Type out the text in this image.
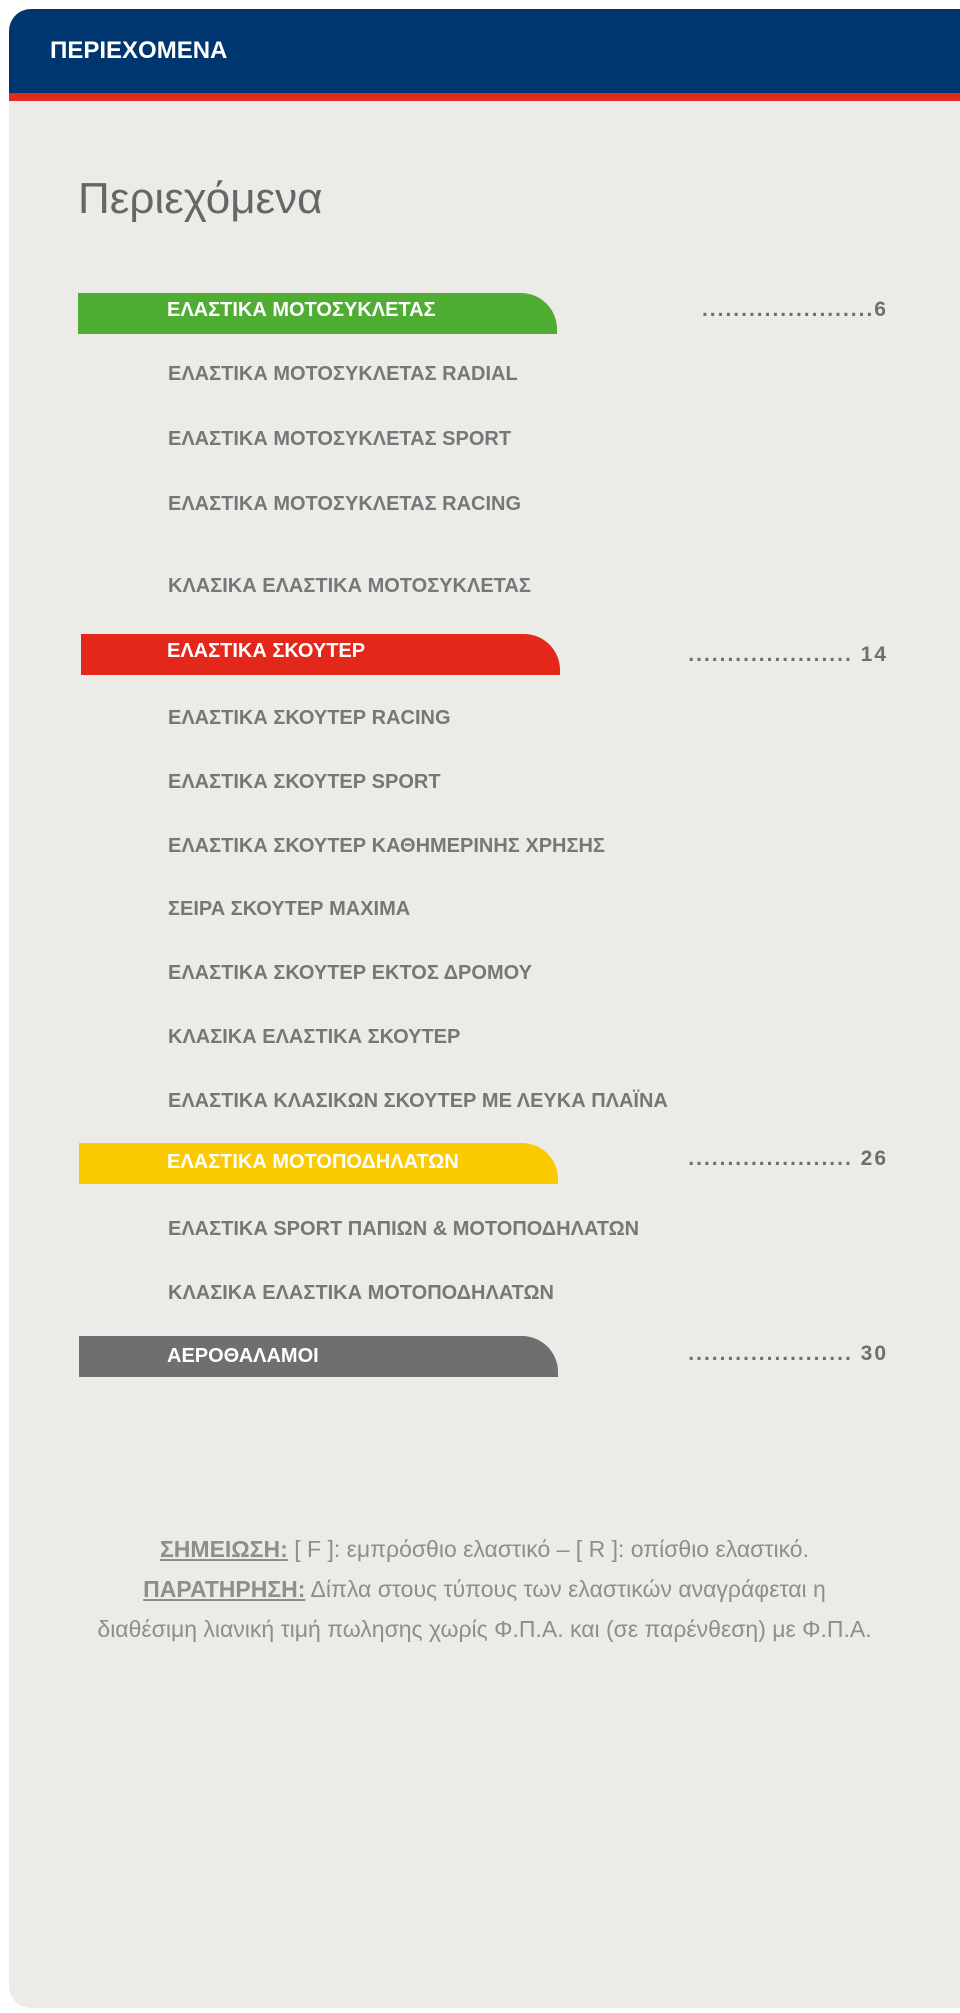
ΠΕΡΙΕΧΟΜΕΝΑ
Περιεχόμενα
ΕΛΑΣΤΙΚΑ ΜΟΤΟΣΥΚΛΕΤΑΣ	......................6
ΕΛΑΣΤΙΚΑ ΜΟΤΟΣΥΚΛΕΤΑΣ RADIAL
ΕΛΑΣΤΙΚΑ ΜΟΤΟΣΥΚΛΕΤΑΣ SPORT
ΕΛΑΣΤΙΚΑ ΜΟΤΟΣΥΚΛΕΤΑΣ RACING
ΚΛΑΣΙΚΑ ΕΛΑΣΤΙΚΑ ΜΟΤΟΣΥΚΛΕΤΑΣ
ΕΛΑΣΤΙΚΑ ΣΚΟΥΤΕΡ	..................... 14
ΕΛΑΣΤΙΚΑ ΣΚΟΥΤΕΡ RACING
ΕΛΑΣΤΙΚΑ ΣΚΟΥΤΕΡ SPORT
ΕΛΑΣΤΙΚΑ ΣΚΟΥΤΕΡ ΚΑΘΗΜΕΡΙΝΗΣ ΧΡΗΣΗΣ
ΣΕΙΡΑ ΣΚΟΥΤΕΡ ΜΑΧΙΜΑ
ΕΛΑΣΤΙΚΑ ΣΚΟΥΤΕΡ ΕΚΤΟΣ ΔΡΟΜΟΥ
ΚΛΑΣΙΚΑ ΕΛΑΣΤΙΚΑ ΣΚΟΥΤΕΡ
ΕΛΑΣΤΙΚΑ ΚΛΑΣΙΚΩΝ ΣΚΟΥΤΕΡ ΜΕ ΛΕΥΚΑ ΠΛΑΪΝΑ
ΕΛΑΣΤΙΚΑ ΜΟΤΟΠΟΔΗΛΑΤΩΝ	..................... 26
ΕΛΑΣΤΙΚΑ SPORT ΠΑΠΙΩΝ & ΜΟΤΟΠΟΔΗΛΑΤΩΝ
ΚΛΑΣΙΚΑ ΕΛΑΣΤΙΚΑ ΜΟΤΟΠΟΔΗΛΑΤΩΝ
ΑΕΡΟΘΑΛΑΜΟΙ	..................... 30
ΣΗΜΕΙΩΣΗ: [ F ]: εμπρόσθιο ελαστικό – [ R ]: οπίσθιο ελαστικό.
ΠΑΡΑΤΗΡΗΣΗ: Δίπλα στους τύπους των ελαστικών αναγράφεται η
διαθέσιμη λιανική τιμή πωλησης χωρίς Φ.Π.Α. και (σε παρένθεση) με Φ.Π.Α.
